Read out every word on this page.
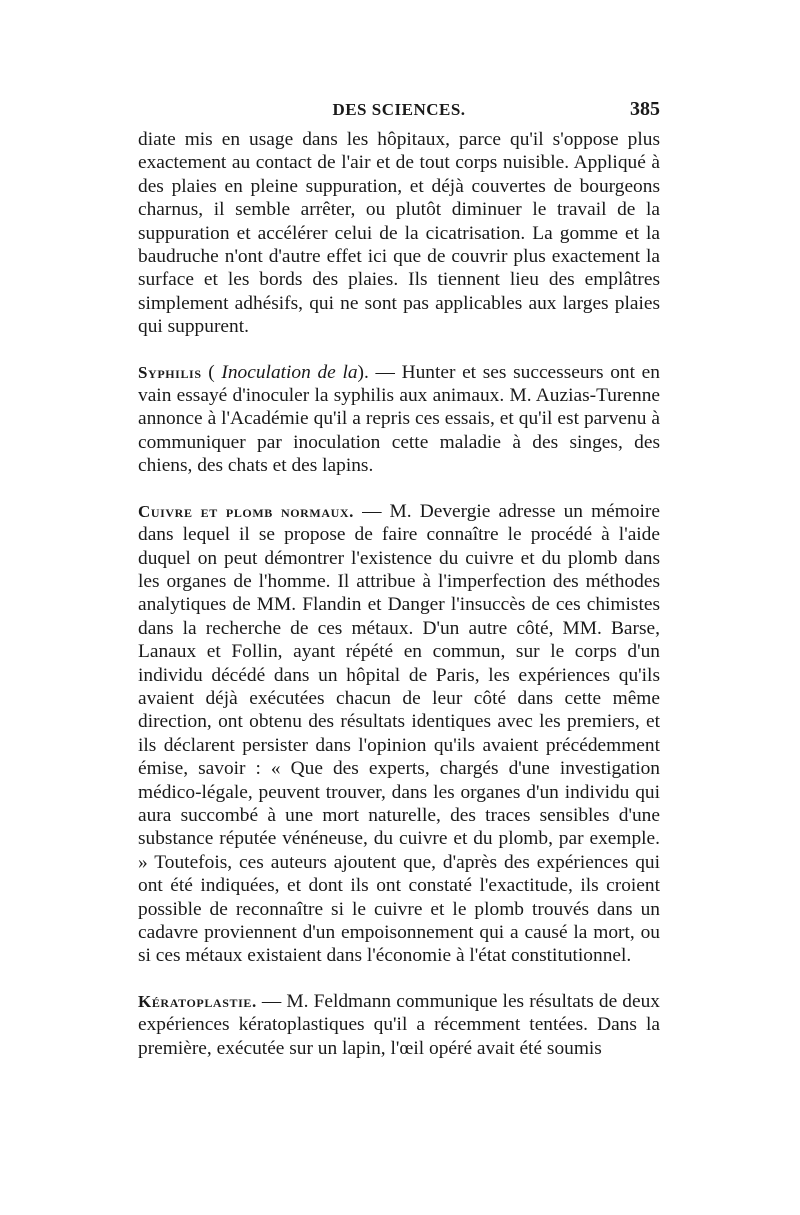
DES SCIENCES.	385

diate mis en usage dans les hôpitaux, parce qu'il s'oppose plus exactement au contact de l'air et de tout corps nuisible. Appliqué à des plaies en pleine suppuration, et déjà couvertes de bourgeons charnus, il semble arrêter, ou plutôt diminuer le travail de la suppuration et accélérer celui de la cicatrisation. La gomme et la baudruche n'ont d'autre effet ici que de couvrir plus exactement la surface et les bords des plaies. Ils tiennent lieu des emplâtres simplement adhésifs, qui ne sont pas applicables aux larges plaies qui suppurent.

Syphilis ( Inoculation de la). — Hunter et ses successeurs ont en vain essayé d'inoculer la syphilis aux animaux. M. Auzias-Turenne annonce à l'Académie qu'il a repris ces essais, et qu'il est parvenu à communiquer par inoculation cette maladie à des singes, des chiens, des chats et des lapins.

Cuivre et plomb normaux. — M. Devergie adresse un mémoire dans lequel il se propose de faire connaître le procédé à l'aide duquel on peut démontrer l'existence du cuivre et du plomb dans les organes de l'homme. Il attribue à l'imperfection des méthodes analytiques de MM. Flandin et Danger l'insuccès de ces chimistes dans la recherche de ces métaux. D'un autre côté, MM. Barse, Lanaux et Follin, ayant répété en commun, sur le corps d'un individu décédé dans un hôpital de Paris, les expériences qu'ils avaient déjà exécutées chacun de leur côté dans cette même direction, ont obtenu des résultats identiques avec les premiers, et ils déclarent persister dans l'opinion qu'ils avaient précédemment émise, savoir : « Que des experts, chargés d'une investigation médico-légale, peuvent trouver, dans les organes d'un individu qui aura succombé à une mort naturelle, des traces sensibles d'une substance réputée vénéneuse, du cuivre et du plomb, par exemple. » Toutefois, ces auteurs ajoutent que, d'après des expériences qui ont été indiquées, et dont ils ont constaté l'exactitude, ils croient possible de reconnaître si le cuivre et le plomb trouvés dans un cadavre proviennent d'un empoisonnement qui a causé la mort, ou si ces métaux existaient dans l'économie à l'état constitutionnel.

Kératoplastie. — M. Feldmann communique les résultats de deux expériences kératoplastiques qu'il a récemment tentées. Dans la première, exécutée sur un lapin, l'œil opéré avait été soumis
